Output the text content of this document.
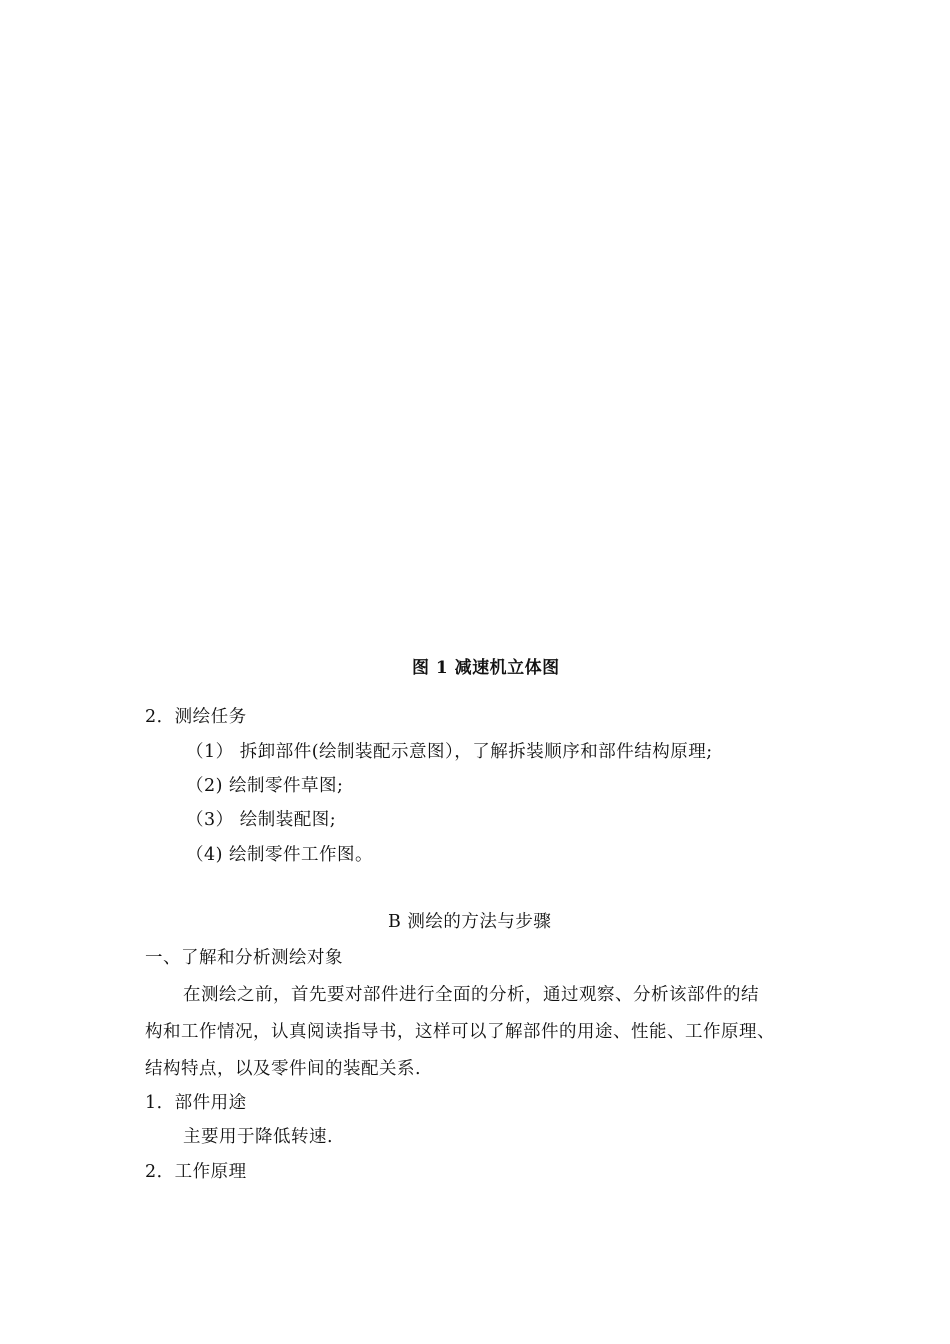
图 1 减速机立体图
2．测绘任务
（1） 拆卸部件(绘制装配示意图），了解拆装顺序和部件结构原理;
（2) 绘制零件草图;
（3） 绘制装配图;
（4) 绘制零件工作图。
B 测绘的方法与步骤
一、了解和分析测绘对象
在测绘之前，首先要对部件进行全面的分析，通过观察、分析该部件的结
构和工作情况，认真阅读指导书，这样可以了解部件的用途、性能、工作原理、
结构特点，以及零件间的装配关系.
1．部件用途
主要用于降低转速.
2．工作原理
